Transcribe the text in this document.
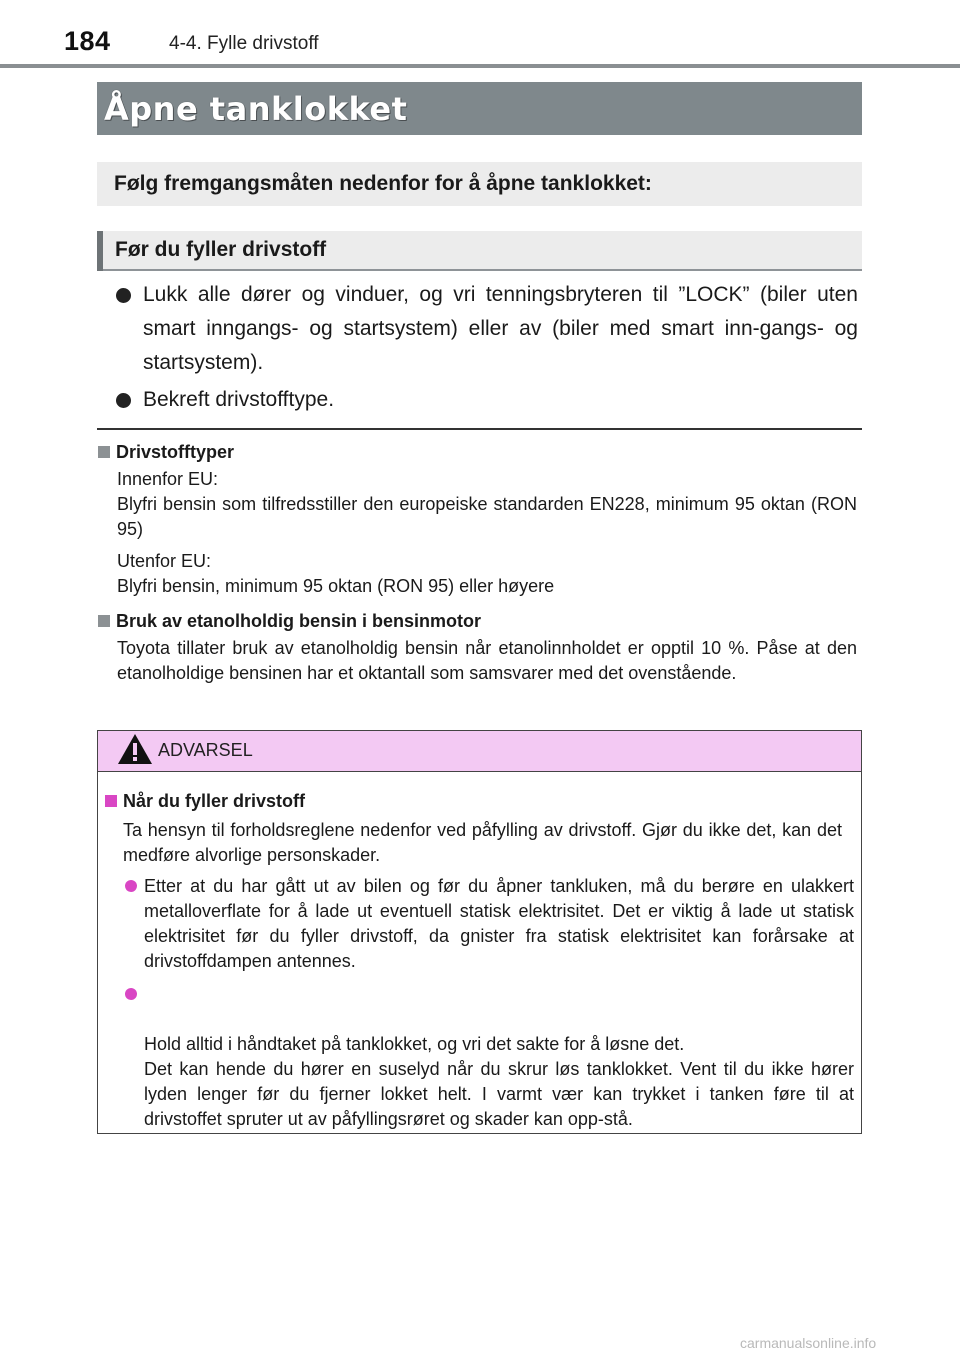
184	4-4. Fylle drivstoff
Åpne tanklokket
Følg fremgangsmåten nedenfor for å åpne tanklokket:
Før du fyller drivstoff
Lukk alle dører og vinduer, og vri tenningsbryteren til ”LOCK” (biler uten smart inngangs- og startsystem) eller av (biler med smart inn-gangs- og startsystem).
Bekreft drivstofftype.
Drivstofftyper

Innenfor EU:
Blyfri bensin som tilfredsstiller den europeiske standarden EN228, minimum 95 oktan (RON 95)

Utenfor EU:
Blyfri bensin, minimum 95 oktan (RON 95) eller høyere

Bruk av etanolholdig bensin i bensinmotor

Toyota tillater bruk av etanolholdig bensin når etanolinnholdet er opptil 10 %. Påse at den etanolholdige bensinen har et oktantall som samsvarer med det ovenstående.

ADVARSEL
Når du fyller drivstoff
Ta hensyn til forholdsreglene nedenfor ved påfylling av drivstoff. Gjør du ikke det, kan det medføre alvorlige personskader.
Etter at du har gått ut av bilen og før du åpner tankluken, må du berøre en ulakkert metalloverflate for å lade ut eventuell statisk elektrisitet. Det er viktig å lade ut statisk elektrisitet før du fyller drivstoff, da gnister fra statisk elektrisitet kan forårsake at drivstoffdampen antennes.

Hold alltid i håndtaket på tanklokket, og vri det sakte for å løsne det.
Det kan hende du hører en suselyd når du skrur løs tanklokket. Vent til du ikke hører lyden lenger før du fjerner lokket helt. I varmt vær kan trykket i tanken føre til at drivstoffet spruter ut av påfyllingsrøret og skader kan opp-stå.

carmanualsonline.info
